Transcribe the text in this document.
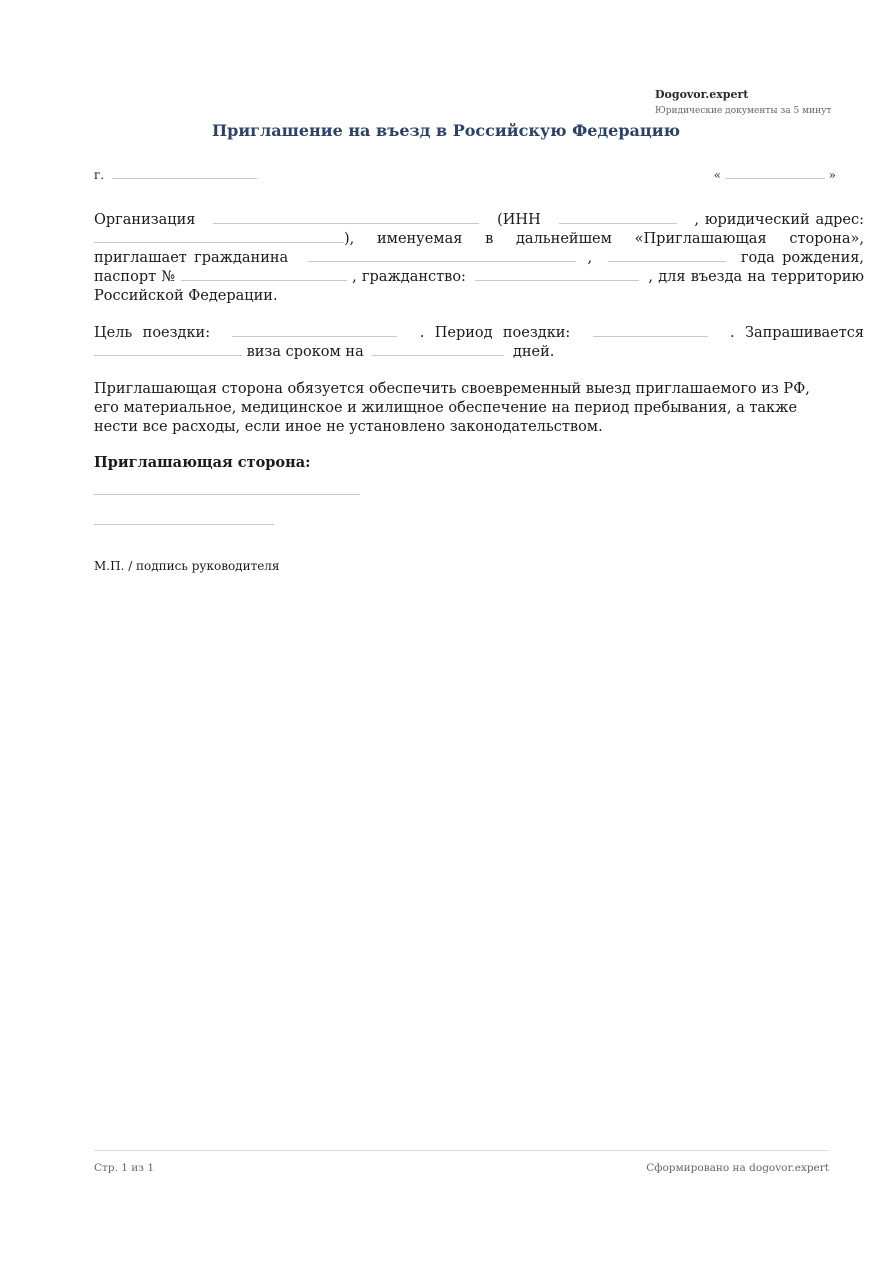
Dogovor.expert
Юридические документы за 5 минут
Приглашение на въезд в Российскую Федерацию
г.	«	»
Организация	(ИНН	, юридический адрес: ), именуемая в дальнейшем «Приглашающая сторона», приглашает гражданина	,	года рождения, паспорт №	, гражданство:	, для въезда на территорию Российской Федерации.
Цель поездки:	. Период поездки:	. Запрашивается  виза сроком на	дней.
Приглашающая сторона обязуется обеспечить своевременный выезд приглашаемого из РФ, его материальное, медицинское и жилищное обеспечение на период пребывания, а также нести все расходы, если иное не установлено законодательством.
Приглашающая сторона:
М.П. / подпись руководителя
Стр. 1 из 1	Сформировано на dogovor.expert
